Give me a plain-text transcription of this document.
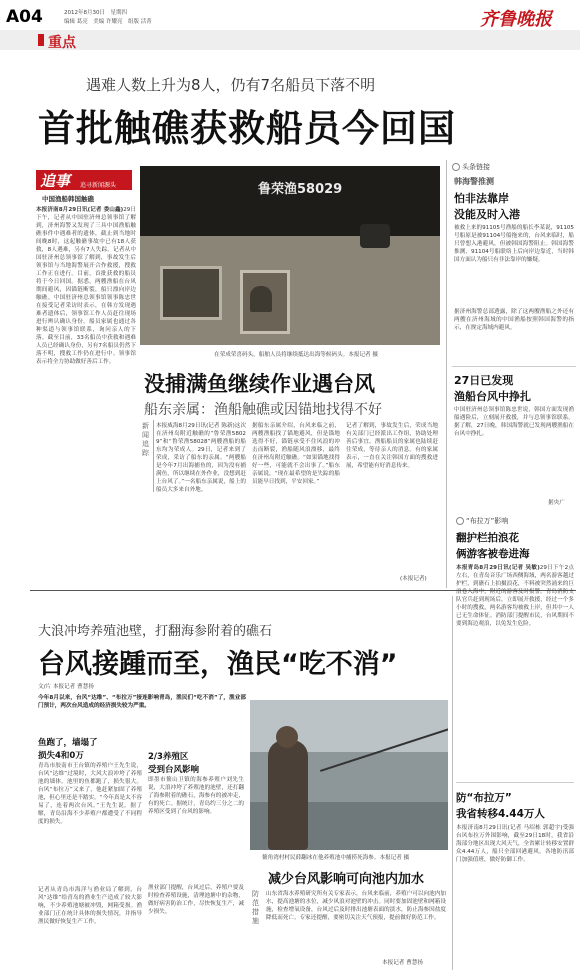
A04	2012年8月30日　星期四
编辑 葛亮　美编 许耀亮　组版 活菁	齐鲁晚报
重点
遇难人数上升为8人，仍有7名船员下落不明
首批触礁获救船员今回国
追事 追寻新闻源头
中国渔船韩国触礁
本报济南8月29日讯(记者 娄山鑫)29日下午，记者从中国驻济州总领事馆了解到，济州海警又发现了三具中国渔船触礁事件中遇难者的遗体，截止到当地时间晚8时，这起触礁事故中已有18人获救，8人遇难，另有7人失踪。记者从中国驻济州总领事馆了解到，事故发生后领事馆与当地海警展开合作救援，搜救工作正在进行。目前，首批获救的船员将于今日回国。据悉，两艘渔船在台风期间避风，因锚链断裂，船只漂向岸边触礁。中国驻济州总领事馆领事陈忠世在接受记者采访时表示，在韩方发现遇难者遗体后，领事馆工作人员赶往现场进行辨认确认身份。船员家属也通过各种渠道与领事馆联系，询问亲人的下落。截至目前，33名船员中获救和遇难人员已经确认身份，另有7名船员仍然下落不明，搜救工作仍在进行中。领事馆表示将全力协助做好善后工作。
鲁荣渔58029
在荣成荣喜码头，船舶人员将继续抵达出海等候码头。本报记者 摄
没捕满鱼继续作业遇台风
船东亲属：渔船触礁或因锚地找得不好
新闻追踪
本报威海8月29日讯(记者 陈新)这次在济州岛附近触礁的“鲁荣渔58029”和“鲁荣渔58028”两艘渔船的船东均为荣成人。29日，记者来到了荣成，采访了船东的亲属。“两艘船是今年7月出海捕鱼的，因为没有捕满鱼，所以继续在外作业，没想到赶上台风了。”一名船东亲属说，船上的船员大多来自外地。
据船东亲属介绍，台风来临之前，两艘渔船找了锚地避风，但是锚地选得不好，锚链承受不住风浪的冲击而断裂，渔船随风浪漂移，最终在济州岛附近触礁。“如果锚地找得好一些，可能就不会出事了。”船东亲属说，“现在最希望的是失踪的船员能早日找到，平安回家。”
记者了解到，事故发生后，荣成当地有关部门已经派出工作组，协助处理善后事宜。渔船船员的家属也陆续赶往荣成，等待亲人的消息。有的家属表示，一直在关注韩国方面的搜救进展，希望能有好消息传来。
(本报记者)
头条链接
韩海警推测
怕非法靠岸
没能及时入港
被救上来的91105号渔船的船长李某说，91105号船原是被91104号船拖来的，台风来临时，船只曾想入港避风，但被韩国海警阻止。韩国海警推测，91104号船联络上后向岸边靠近，当时韩国方面认为船只有非法靠岸的嫌疑。
据济州海警总部透露，除了这两艘渔船之外还有两艘在济州海域的中国渔船按照韩国海警的指示，在规定海域内避风。
27日已发现
渔船台风中挣扎
中国驻济州总领事馆陈忠世说，韩国方面发现渔船遇险后，立刻展开救援，并与总领事馆联系。据了解，27日晚，韩国海警就已发现两艘渔船在台风中挣扎。
据央广
大浪冲垮养殖池壁，打翻海参附着的礁石
台风接踵而至，渔民“吃不消”
文/片 本报记者 曹慧扬
今年8月以来，台风“达维”、“布拉万”接连影响青岛，渔民们“吃不消”了，渔业部门预计，两次台风造成的经济损失较为严重。
鱼跑了，墙塌了
损失4和0万
青岛市胶南市王台镇的养殖户王先生说，台风“达维”过境时，大风大浪冲垮了养殖池的墙体，池里的鱼都跑了，损失很大。台风“布拉万”又来了，他赶紧加固了养殖池，但心里还是不踏实。“今年真是太不容易了，连着两次台风。”王先生说。据了解，青岛沿海不少养殖户都遭受了不同程度的损失。
记者从青岛市海洋与渔业局了解到，台风“达维”给青岛的渔业生产造成了较大影响，不少养殖池塘被冲毁，网箱受损。渔业部门正在统计具体的损失情况，并指导渔民做好恢复生产工作。
2/3养殖区
受到台风影响
即墨市鳌山卫镇的海参养殖户刘先生说，大浪冲垮了养殖池的池壁，还打翻了海参附着的礁石，海参有的被冲走，有的死亡。据统计，青岛约三分之二的养殖区受到了台风的影响。
渔业部门提醒，台风过后，养殖户要及时检查养殖设施，清理池塘中的杂物，做好病害防治工作，尽快恢复生产，减少损失。
鳌角湾村村民薛翻冰在他养殖池中捕捞死海参。本报记者 摄
减少台风影响可向池内加水
防范措施
山东省海水养殖研究所有关专家表示，台风来临前，养殖户可以向池内加水，提高池塘的水位，减少风浪对池壁的冲击。同时要加固池壁和网箱设施，检查增氧设备，台风过后及时排出池塘表面的淡水，防止海参因盐度降低而死亡。专家还提醒，要密切关注天气预报，提前做好防范工作。
本报记者 曹慧扬
“布拉万”影响
翻护栏拍浪花
俩游客被卷进海
本报青岛8月29日讯(记者 吴敏)29日下午2点左右，在青岛音乐广场西侧海域，两名游客越过护栏，到礁石上拍摄浪花，不料被突然涌来的巨浪卷入海中，附近的游客及时报警。青岛消防支队官兵赶到现场后，立即展开救援，经过一个多小时的搜救，两名游客均被救上岸，但其中一人已无生命体征。消防部门提醒市民，台风期间不要到海边观浪，以免发生危险。
防“布拉万”
我省转移4.44万人
本报济南8月29日讯(记者 马绍栋 郭超宇)受强台风布拉万外围影响，截至29日18时，我省沿海部分地区出现大风天气，全省累计转移安置群众4.44万人，船只全部回港避风。各地防汛部门加强值班，做好防御工作。
